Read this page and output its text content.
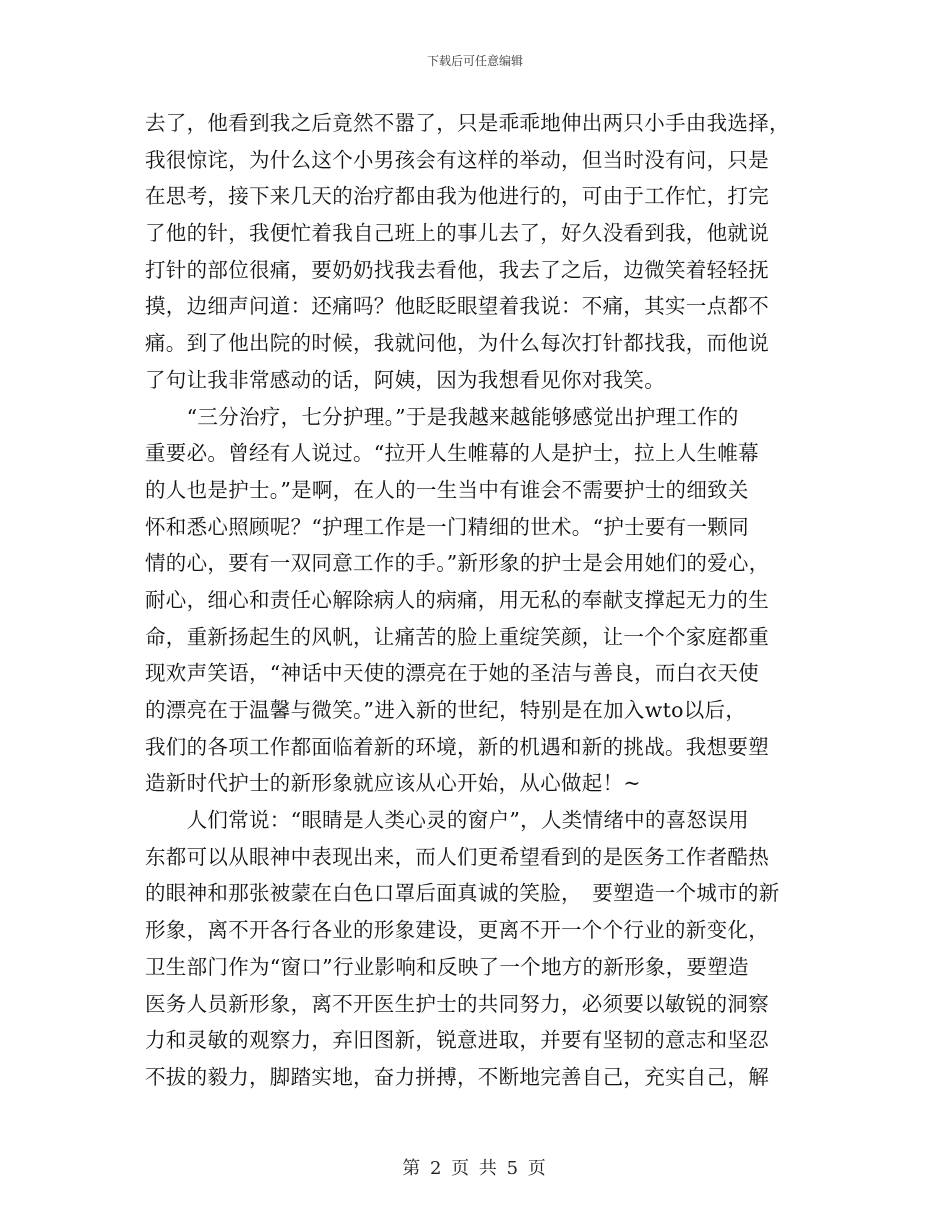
下载后可任意编辑
去了，他看到我之后竟然不嚣了，只是乖乖地伸出两只小手由我选择，
我很惊诧，为什么这个小男孩会有这样的举动，但当时没有问，只是
在思考，接下来几天的治疗都由我为他进行的，可由于工作忙，打完
了他的针，我便忙着我自己班上的事儿去了，好久没看到我，他就说
打针的部位很痛，要奶奶找我去看他，我去了之后，边微笑着轻轻抚
摸，边细声问道：还痛吗？他眨眨眼望着我说：不痛，其实一点都不
痛。到了他出院的时候，我就问他，为什么每次打针都找我，而他说
了句让我非常感动的话，阿姨，因为我想看见你对我笑。
　　“三分治疗，七分护理。”于是我越来越能够感觉出护理工作的
重要必。曾经有人说过。“拉开人生帷幕的人是护士，拉上人生帷幕
的人也是护士。”是啊，在人的一生当中有谁会不需要护士的细致关
怀和悉心照顾呢？“护理工作是一门精细的世术。“护士要有一颗同
情的心，要有一双同意工作的手。”新形象的护士是会用她们的爱心，
耐心，细心和责任心解除病人的病痛，用无私的奉献支撑起无力的生
命，重新扬起生的风帆，让痛苦的脸上重绽笑颜，让一个个家庭都重
现欢声笑语，“神话中天使的漂亮在于她的圣洁与善良，而白衣天使
的漂亮在于温馨与微笑。”进入新的世纪，特别是在加入wto以后，
我们的各项工作都面临着新的环境，新的机遇和新的挑战。我想要塑
造新时代护士的新形象就应该从心开始，从心做起！~
　　人们常说：“眼睛是人类心灵的窗户”，人类情绪中的喜怒误用
东都可以从眼神中表现出来，而人们更希望看到的是医务工作者酷热
的眼神和那张被蒙在白色口罩后面真诚的笑脸，　要塑造一个城市的新
形象，离不开各行各业的形象建设，更离不开一个个行业的新变化，
卫生部门作为“窗口”行业影响和反映了一个地方的新形象，要塑造
医务人员新形象，离不开医生护士的共同努力，必须要以敏锐的洞察
力和灵敏的观察力，弃旧图新，锐意进取，并要有坚韧的意志和坚忍
不拔的毅力，脚踏实地，奋力拼搏，不断地完善自己，充实自己，解
第 2 页 共 5 页
